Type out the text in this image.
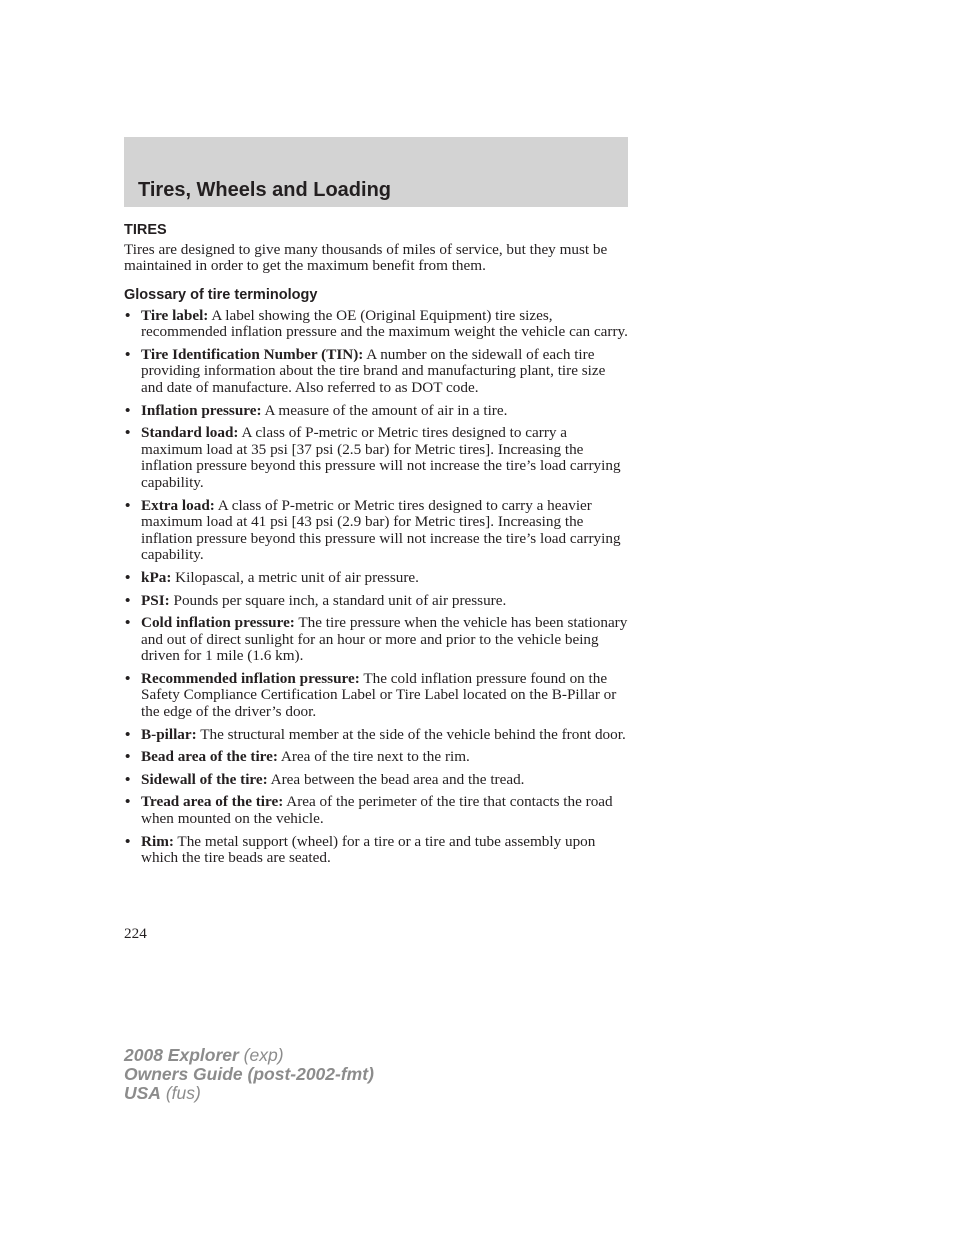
Tires, Wheels and Loading
TIRES

Tires are designed to give many thousands of miles of service, but they must be maintained in order to get the maximum benefit from them.

Glossary of tire terminology
• Tire label: A label showing the OE (Original Equipment) tire sizes, recommended inflation pressure and the maximum weight the vehicle can carry.
• Tire Identification Number (TIN): A number on the sidewall of each tire providing information about the tire brand and manufacturing plant, tire size and date of manufacture. Also referred to as DOT code.
• Inflation pressure: A measure of the amount of air in a tire.
• Standard load: A class of P-metric or Metric tires designed to carry a maximum load at 35 psi [37 psi (2.5 bar) for Metric tires]. Increasing the inflation pressure beyond this pressure will not increase the tire’s load carrying capability.
• Extra load: A class of P-metric or Metric tires designed to carry a heavier maximum load at 41 psi [43 psi (2.9 bar) for Metric tires]. Increasing the inflation pressure beyond this pressure will not increase the tire’s load carrying capability.
• kPa: Kilopascal, a metric unit of air pressure.
• PSI: Pounds per square inch, a standard unit of air pressure.
• Cold inflation pressure: The tire pressure when the vehicle has been stationary and out of direct sunlight for an hour or more and prior to the vehicle being driven for 1 mile (1.6 km).
• Recommended inflation pressure: The cold inflation pressure found on the Safety Compliance Certification Label or Tire Label located on the B-Pillar or the edge of the driver’s door.
• B-pillar: The structural member at the side of the vehicle behind the front door.
• Bead area of the tire: Area of the tire next to the rim.
• Sidewall of the tire: Area between the bead area and the tread.
• Tread area of the tire: Area of the perimeter of the tire that contacts the road when mounted on the vehicle.
• Rim: The metal support (wheel) for a tire or a tire and tube assembly upon which the tire beads are seated.
224
2008 Explorer (exp)
Owners Guide (post-2002-fmt)
USA (fus)
